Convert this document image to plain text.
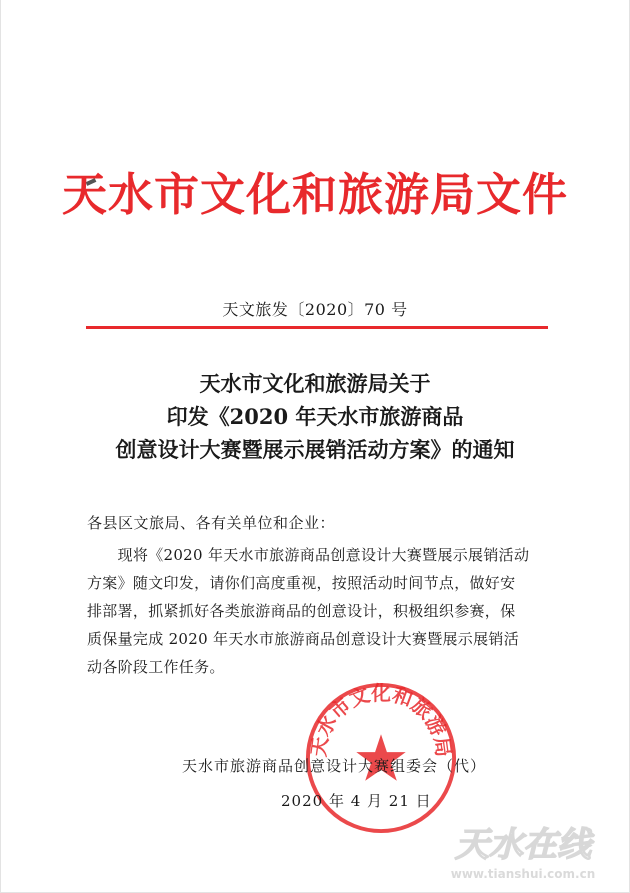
天水市文化和旅游局文件
天文旅发〔2020〕70 号
天水市文化和旅游局关于
印发《2020 年天水市旅游商品
创意设计大赛暨展示展销活动方案》的通知
各县区文旅局、各有关单位和企业：
　　现将《2020 年天水市旅游商品创意设计大赛暨展示展销活动
方案》随文印发，请你们高度重视，按照活动时间节点，做好安
排部署，抓紧抓好各类旅游商品的创意设计，积极组织参赛，保
质保量完成 2020 年天水市旅游商品创意设计大赛暨展示展销活
动各阶段工作任务。
天水市文化和旅游局
天水市旅游商品创意设计大赛组委会（代）
2020 年 4 月 21 日
天水在线
www.tianshui.com.cn
